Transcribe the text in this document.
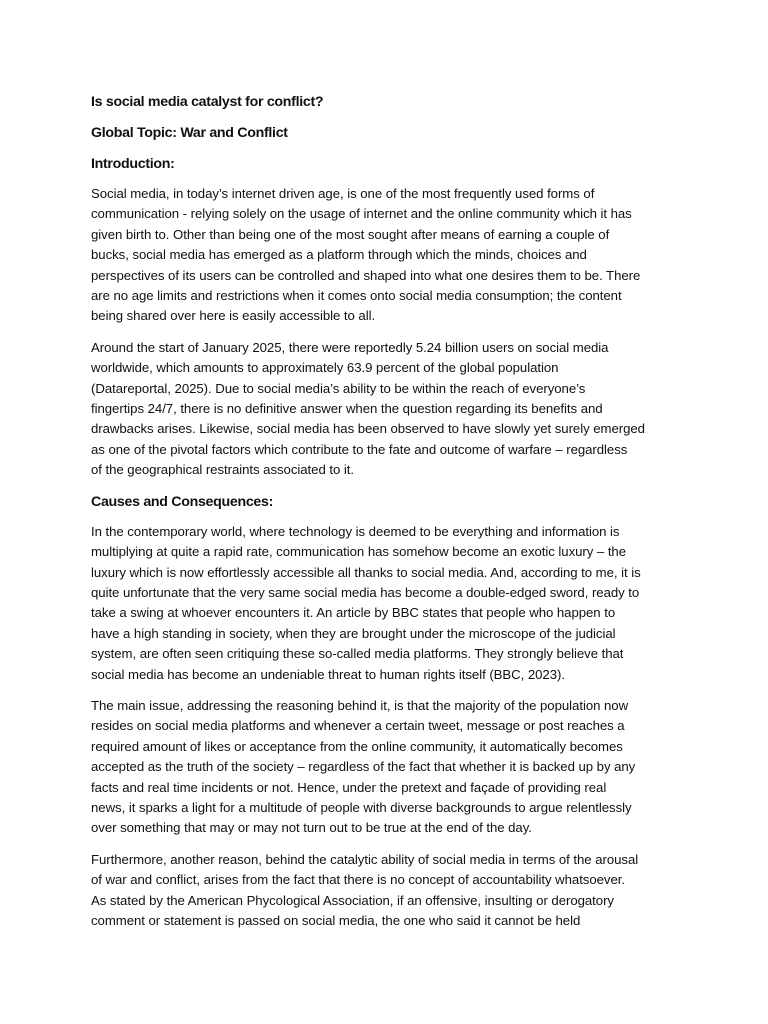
Is social media catalyst for conflict?
Global Topic: War and Conflict
Introduction:

Social media, in today’s internet driven age, is one of the most frequently used forms of
communication - relying solely on the usage of internet and the online community which it has
given birth to. Other than being one of the most sought after means of earning a couple of
bucks, social media has emerged as a platform through which the minds, choices and
perspectives of its users can be controlled and shaped into what one desires them to be. There
are no age limits and restrictions when it comes onto social media consumption; the content
being shared over here is easily accessible to all.

Around the start of January 2025, there were reportedly 5.24 billion users on social media
worldwide, which amounts to approximately 63.9 percent of the global population
(Datareportal, 2025). Due to social media’s ability to be within the reach of everyone’s
fingertips 24/7, there is no definitive answer when the question regarding its benefits and
drawbacks arises. Likewise, social media has been observed to have slowly yet surely emerged
as one of the pivotal factors which contribute to the fate and outcome of warfare – regardless
of the geographical restraints associated to it.

Causes and Consequences:

In the contemporary world, where technology is deemed to be everything and information is
multiplying at quite a rapid rate, communication has somehow become an exotic luxury – the
luxury which is now effortlessly accessible all thanks to social media. And, according to me, it is
quite unfortunate that the very same social media has become a double-edged sword, ready to
take a swing at whoever encounters it. An article by BBC states that people who happen to
have a high standing in society, when they are brought under the microscope of the judicial
system, are often seen critiquing these so-called media platforms. They strongly believe that
social media has become an undeniable threat to human rights itself (BBC, 2023).

The main issue, addressing the reasoning behind it, is that the majority of the population now
resides on social media platforms and whenever a certain tweet, message or post reaches a
required amount of likes or acceptance from the online community, it automatically becomes
accepted as the truth of the society – regardless of the fact that whether it is backed up by any
facts and real time incidents or not. Hence, under the pretext and façade of providing real
news, it sparks a light for a multitude of people with diverse backgrounds to argue relentlessly
over something that may or may not turn out to be true at the end of the day.

Furthermore, another reason, behind the catalytic ability of social media in terms of the arousal
of war and conflict, arises from the fact that there is no concept of accountability whatsoever.
As stated by the American Phycological Association, if an offensive, insulting or derogatory
comment or statement is passed on social media, the one who said it cannot be held
